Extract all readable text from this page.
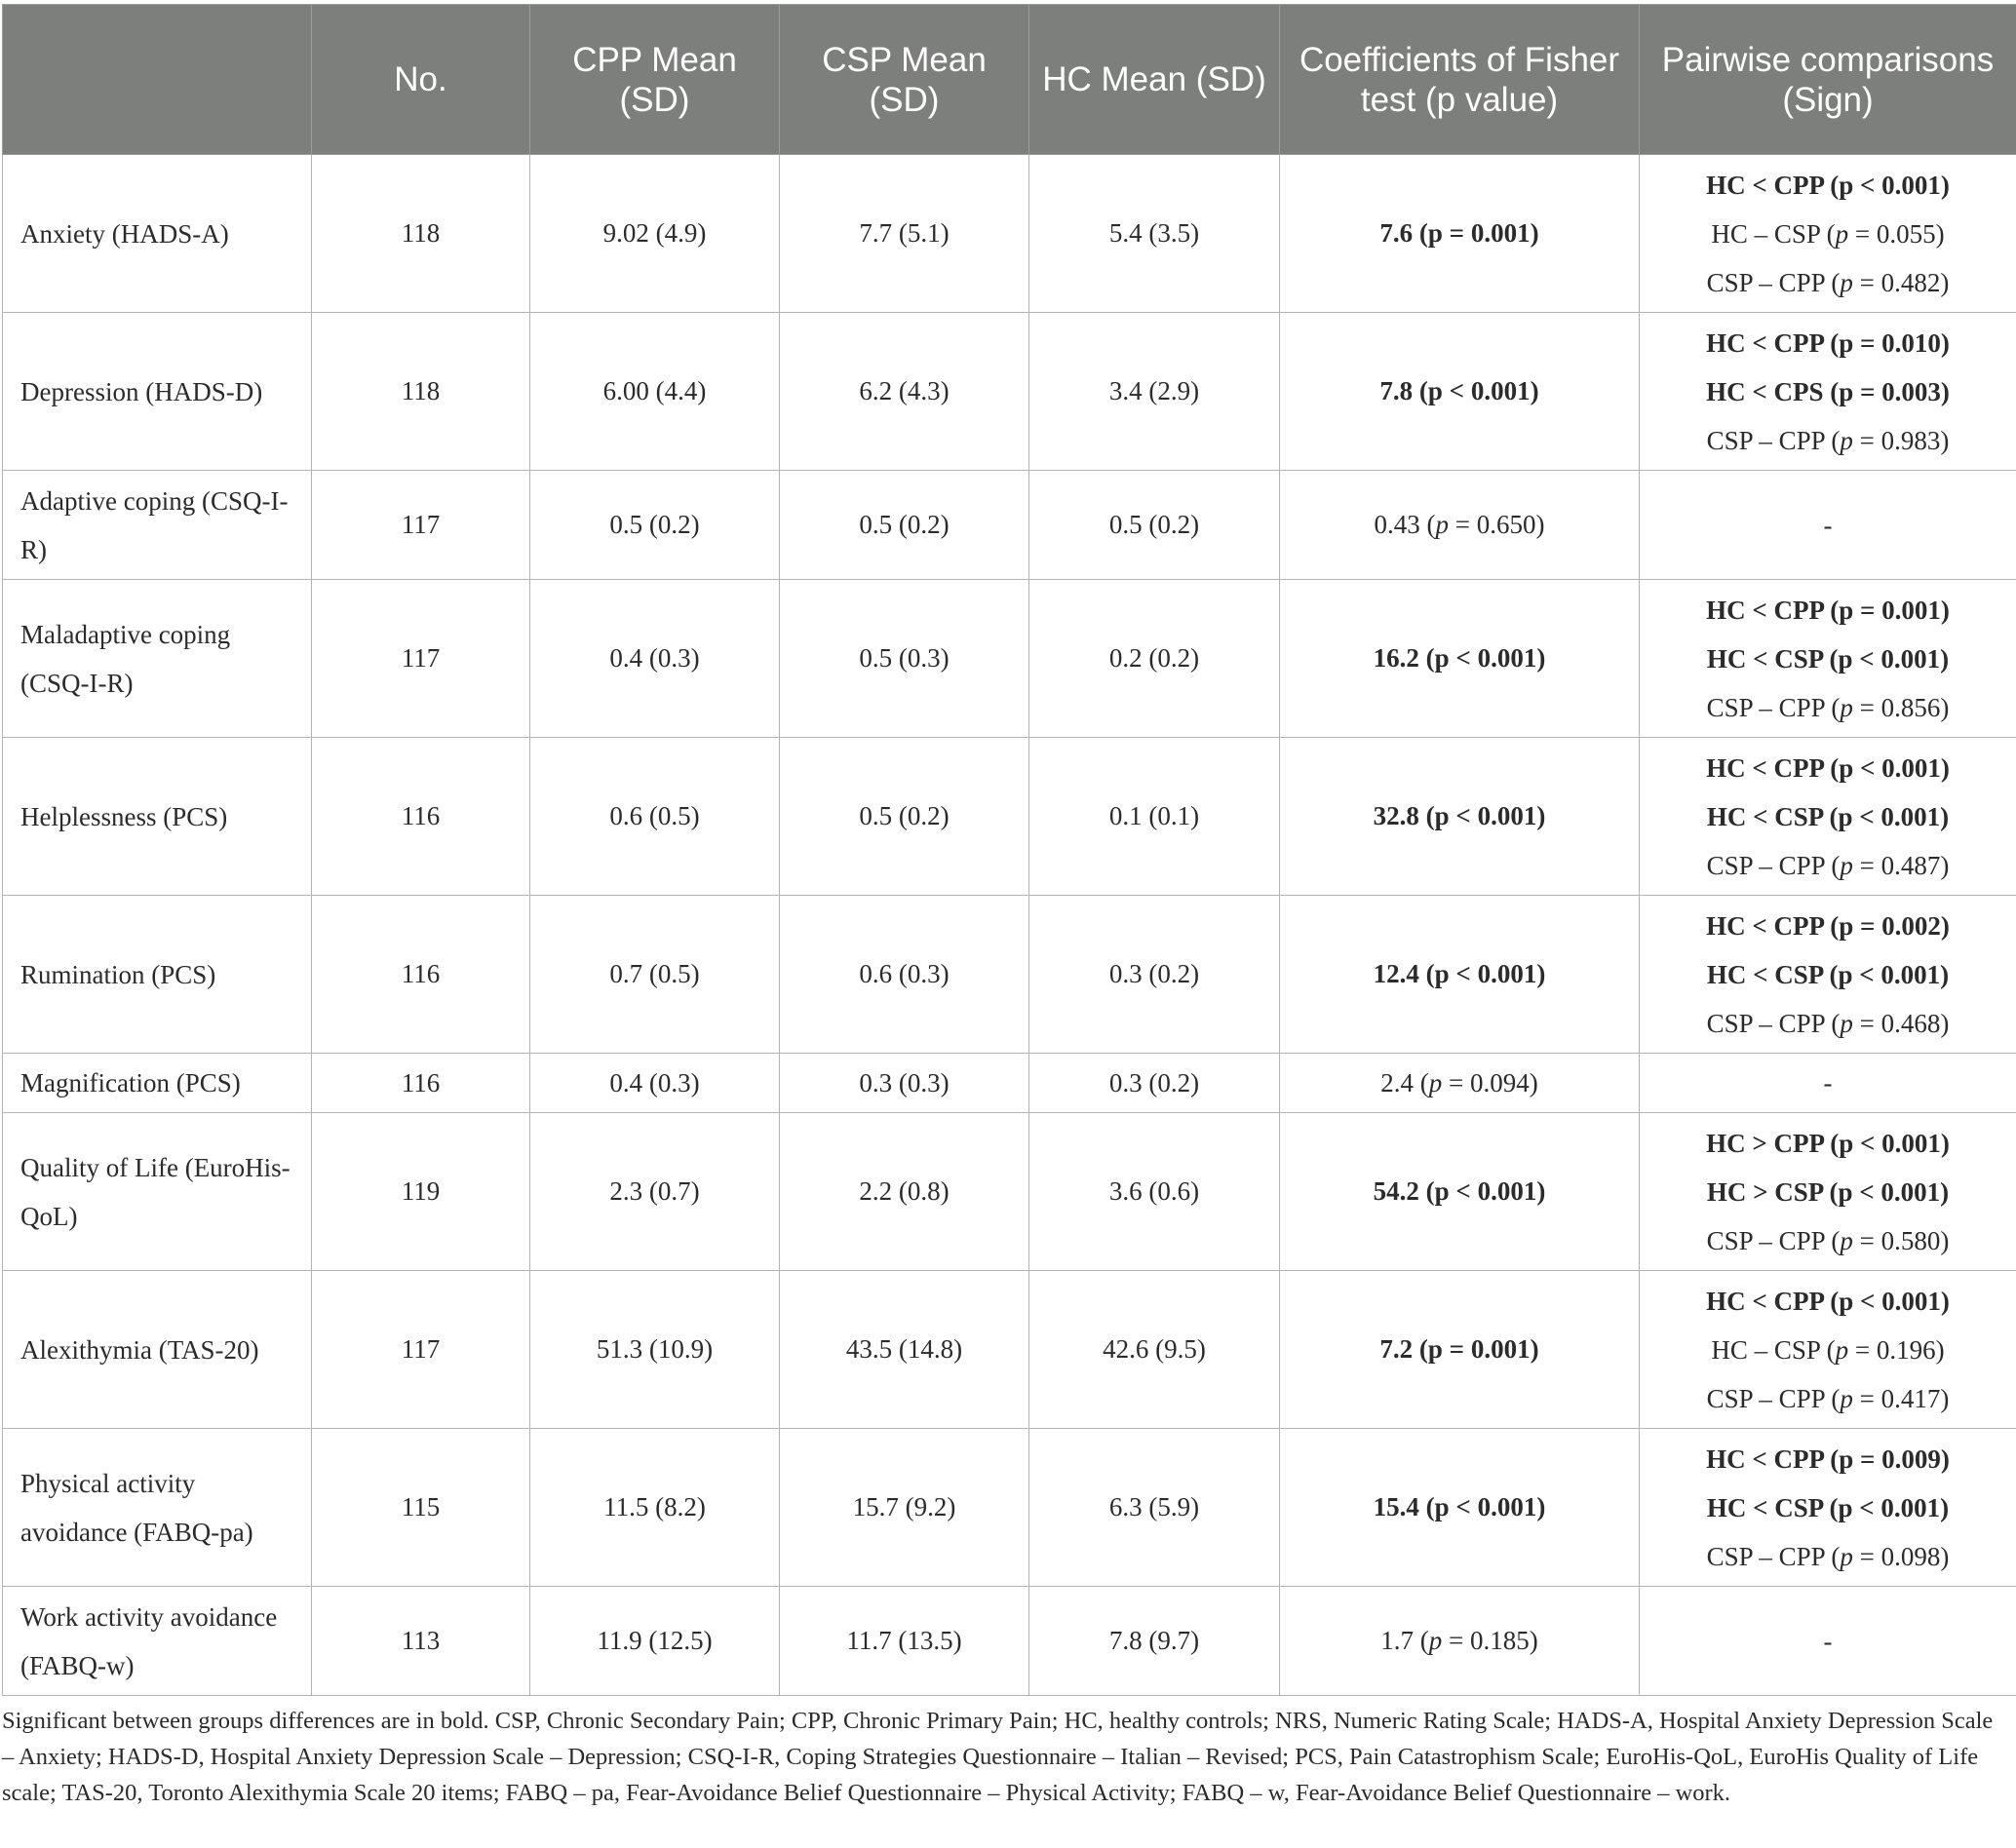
	No.	CPP Mean (SD)	CSP Mean (SD)	HC Mean (SD)	Coefficients of Fisher test (p value)	Pairwise comparisons (Sign)
Anxiety (HADS-A)	118	9.02 (4.9)	7.7 (5.1)	5.4 (3.5)	7.6 (p = 0.001)	HC < CPP (p < 0.001)
HC – CSP (p = 0.055)
CSP – CPP (p = 0.482)

Depression (HADS-D)	118	6.00 (4.4)	6.2 (4.3)	3.4 (2.9)	7.8 (p < 0.001)	HC < CPP (p = 0.010)
HC < CPS (p = 0.003)
CSP – CPP (p = 0.983)

Adaptive coping (CSQ-I-R)	117	0.5 (0.2)	0.5 (0.2)	0.5 (0.2)	0.43 (p = 0.650)	-

Maladaptive coping (CSQ-I-R)	117	0.4 (0.3)	0.5 (0.3)	0.2 (0.2)	16.2 (p < 0.001)	HC < CPP (p = 0.001)
HC < CSP (p < 0.001)
CSP – CPP (p = 0.856)

Helplessness (PCS)	116	0.6 (0.5)	0.5 (0.2)	0.1 (0.1)	32.8 (p < 0.001)	HC < CPP (p < 0.001)
HC < CSP (p < 0.001)
CSP – CPP (p = 0.487)

Rumination (PCS)	116	0.7 (0.5)	0.6 (0.3)	0.3 (0.2)	12.4 (p < 0.001)	HC < CPP (p = 0.002)
HC < CSP (p < 0.001)
CSP – CPP (p = 0.468)

Magnification (PCS)	116	0.4 (0.3)	0.3 (0.3)	0.3 (0.2)	2.4 (p = 0.094)	-

Quality of Life (EuroHis-QoL)	119	2.3 (0.7)	2.2 (0.8)	3.6 (0.6)	54.2 (p < 0.001)	HC > CPP (p < 0.001)
HC > CSP (p < 0.001)
CSP – CPP (p = 0.580)

Alexithymia (TAS-20)	117	51.3 (10.9)	43.5 (14.8)	42.6 (9.5)	7.2 (p = 0.001)	HC < CPP (p < 0.001)
HC – CSP (p = 0.196)
CSP – CPP (p = 0.417)

Physical activity avoidance (FABQ-pa)	115	11.5 (8.2)	15.7 (9.2)	6.3 (5.9)	15.4 (p < 0.001)	HC < CPP (p = 0.009)
HC < CSP (p < 0.001)
CSP – CPP (p = 0.098)

Work activity avoidance (FABQ-w)	113	11.9 (12.5)	11.7 (13.5)	7.8 (9.7)	1.7 (p = 0.185)	-

Significant between groups differences are in bold. CSP, Chronic Secondary Pain; CPP, Chronic Primary Pain; HC, healthy controls; NRS, Numeric Rating Scale; HADS-A, Hospital Anxiety Depression Scale – Anxiety; HADS-D, Hospital Anxiety Depression Scale – Depression; CSQ-I-R, Coping Strategies Questionnaire – Italian – Revised; PCS, Pain Catastrophism Scale; EuroHis-QoL, EuroHis Quality of Life scale; TAS-20, Toronto Alexithymia Scale 20 items; FABQ – pa, Fear-Avoidance Belief Questionnaire – Physical Activity; FABQ – w, Fear-Avoidance Belief Questionnaire – work.
